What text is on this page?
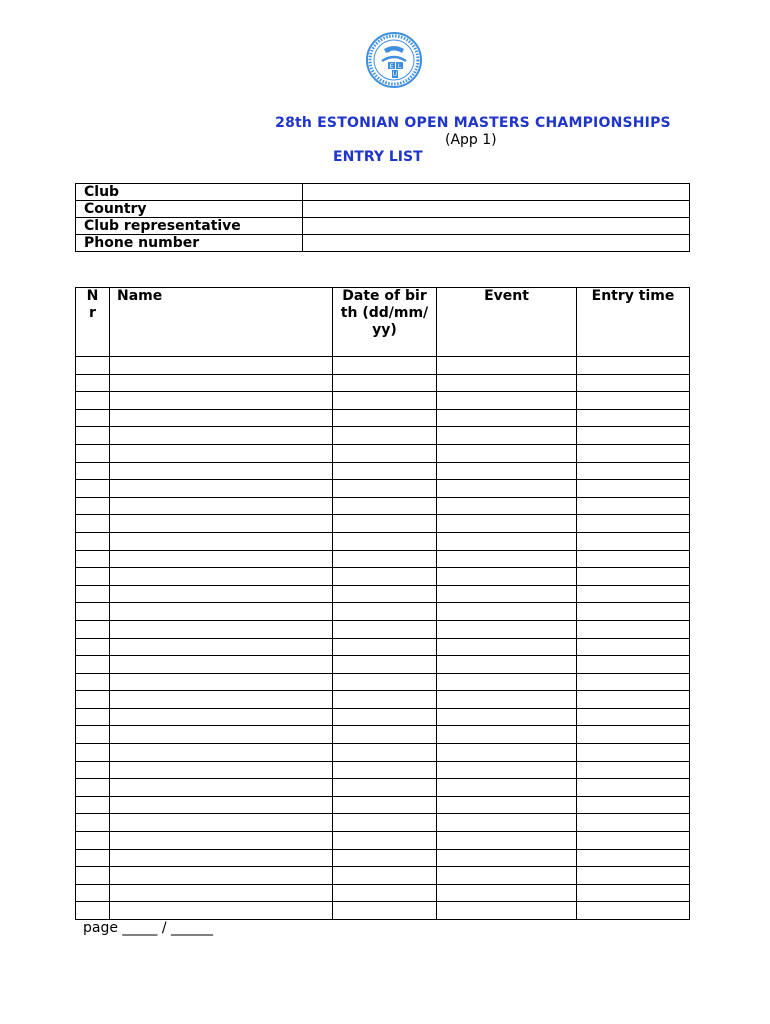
E L
U
28th ESTONIAN OPEN MASTERS CHAMPIONSHIPS
(App 1)
ENTRY LIST
Club	
Country	
Club representative	
Phone number	
N r	Name	Date of birth (dd/mm/yy)	Event	Entry time

page _____ / ______
